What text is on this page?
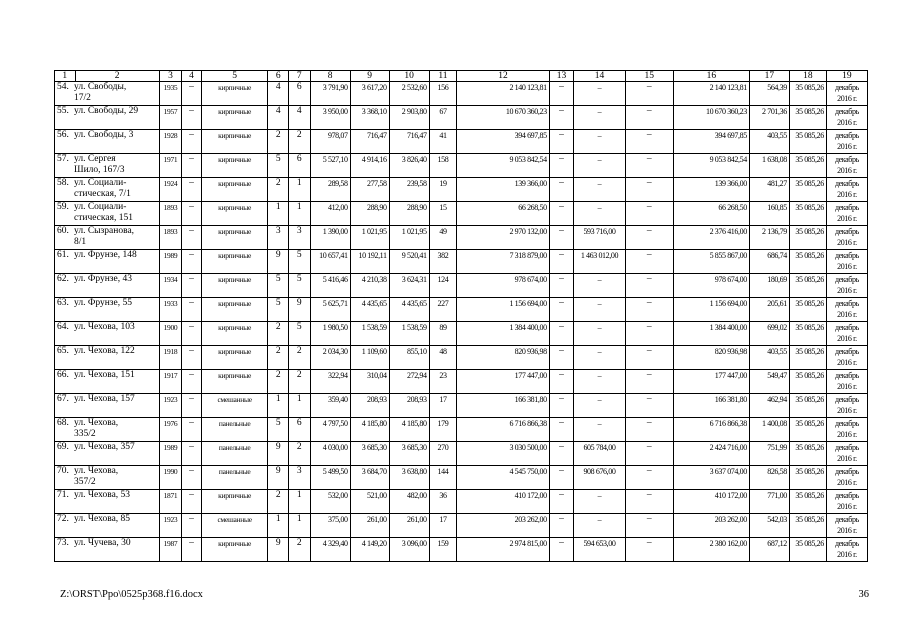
1	2	3	4	5	6	7	8	9	10	11	12	13	14	15	16	17	18	19
54. ул. Свободы,
17/2		1935	–	кирпичные	4	6	3 791,90	3 617,20	2 532,60	156	2 140 123,81	–	–	–	2 140 123,81	564,39	35 085,26	декабрь
2016 г.
55. ул. Свободы, 29		1957	–	кирпичные	4	4	3 950,00	3 368,10	2 903,80	67	10 670 360,23	–	–	–	10 670 360,23	2 701,36	35 085,26	декабрь
2016 г.
56. ул. Свободы, 3		1928	–	кирпичные	2	2	978,07	716,47	716,47	41	394 697,85	–	–	–	394 697,85	403,55	35 085,26	декабрь
2016 г.
57. ул. Сергея
Шило, 167/3		1971	–	кирпичные	5	6	5 527,10	4 914,16	3 826,40	158	9 053 842,54	–	–	–	9 053 842,54	1 638,08	35 085,26	декабрь
2016 г.
58. ул. Социали-
стическая, 7/1		1924	–	кирпичные	2	1	289,58	277,58	239,58	19	139 366,00	–	–	–	139 366,00	481,27	35 085,26	декабрь
2016 г.
59. ул. Социали-
стическая, 151		1893	–	кирпичные	1	1	412,00	288,90	288,90	15	66 268,50	–	–	–	66 268,50	160,85	35 085,26	декабрь
2016 г.
60. ул. Сызранова,
8/1		1893	–	кирпичные	3	3	1 390,00	1 021,95	1 021,95	49	2 970 132,00	–	593 716,00	–	2 376 416,00	2 136,79	35 085,26	декабрь
2016 г.
61. ул. Фрунзе, 148		1989	–	кирпичные	9	5	10 657,41	10 192,11	9 520,41	382	7 318 879,00	–	1 463 012,00	–	5 855 867,00	686,74	35 085,26	декабрь
2016 г.
62. ул. Фрунзе, 43		1934	–	кирпичные	5	5	5 416,46	4 210,38	3 624,31	124	978 674,00	–	–	–	978 674,00	180,69	35 085,26	декабрь
2016 г.
63. ул. Фрунзе, 55		1933	–	кирпичные	5	9	5 625,71	4 435,65	4 435,65	227	1 156 694,00	–	–	–	1 156 694,00	205,61	35 085,26	декабрь
2016 г.
64. ул. Чехова, 103		1900	–	кирпичные	2	5	1 980,50	1 538,59	1 538,59	89	1 384 400,00	–	–	–	1 384 400,00	699,02	35 085,26	декабрь
2016 г.
65. ул. Чехова, 122		1918	–	кирпичные	2	2	2 034,30	1 109,60	855,10	48	820 936,98	–	–	–	820 936,98	403,55	35 085,26	декабрь
2016 г.
66. ул. Чехова, 151		1917	–	кирпичные	2	2	322,94	310,04	272,94	23	177 447,00	–	–	–	177 447,00	549,47	35 085,26	декабрь
2016 г.
67. ул. Чехова, 157		1923	–	смешанные	1	1	359,40	208,93	208,93	17	166 381,80	–	–	–	166 381,80	462,94	35 085,26	декабрь
2016 г.
68. ул. Чехова,
335/2		1976	–	панельные	5	6	4 797,50	4 185,80	4 185,80	179	6 716 866,38	–	–	–	6 716 866,38	1 400,08	35 085,26	декабрь
2016 г.
69. ул. Чехова, 357		1989	–	панельные	9	2	4 030,00	3 685,30	3 685,30	270	3 030 500,00	–	605 784,00	–	2 424 716,00	751,99	35 085,26	декабрь
2016 г.
70. ул. Чехова,
357/2		1990	–	панельные	9	3	5 499,50	3 684,70	3 638,80	144	4 545 750,00	–	908 676,00	–	3 637 074,00	826,58	35 085,26	декабрь
2016 г.
71. ул. Чехова, 53		1871	–	кирпичные	2	1	532,00	521,00	482,00	36	410 172,00	–	–	–	410 172,00	771,00	35 085,26	декабрь
2016 г.
72. ул. Чехова, 85		1923	–	смешанные	1	1	375,00	261,00	261,00	17	203 262,00	–	–	–	203 262,00	542,03	35 085,26	декабрь
2016 г.
73. ул. Чучева, 30		1987	–	кирпичные	9	2	4 329,40	4 149,20	3 096,00	159	2 974 815,00	–	594 653,00	–	2 380 162,00	687,12	35 085,26	декабрь
2016 г.
Z:\ORST\Ppo\0525p368.f16.docx	36
